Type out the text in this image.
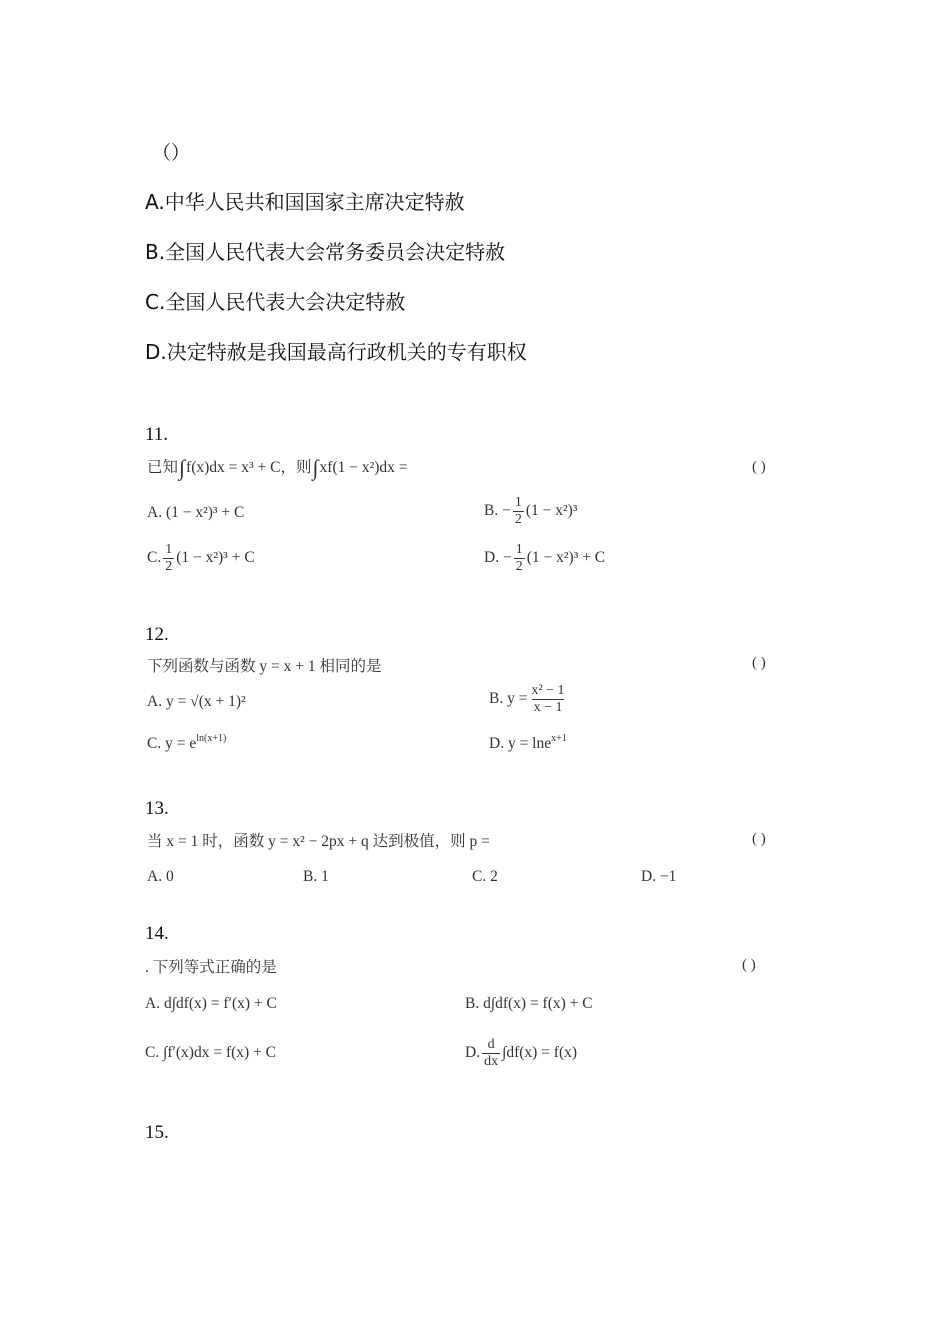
（）
A.中华人民共和国国家主席决定特赦
B.全国人民代表大会常务委员会决定特赦
C.全国人民代表大会决定特赦
D.决定特赦是我国最高行政机关的专有职权
11.
已知∫f(x)dx = x³ + C，则∫xf(1 − x²)dx =	( )
A. (1 − x²)³ + C	B. − $\frac{1}{2} (1 - x^2)^3$
C. $\frac{1}{2} (1 - x^2)^3 + C$	D. − $\frac{1}{2} (1 - x^2)^3 + C$
12.
下列函数与函数 y = x + 1 相同的是	( )
A. y = √(x + 1)²	B. $y = \frac{\text{x² − 1}}{x - 1}$
C. $y = e^{ln(x+1)}$	D. y = lne$^{x+1}$
13.
当 x = 1 时，函数 y = x² − 2px + q 达到极值，则 p =	( )
A. 0	B. 1	C. 2	D. −1
14.
. 下列等式正确的是	( )
A. d∫df(x) = f′(x) + C	B. d∫df(x) = f(x) + C
C. ∫f′(x)dx = f(x) + C	D. $\frac{d}{dx} \int df(x) = f(x)$
15.
